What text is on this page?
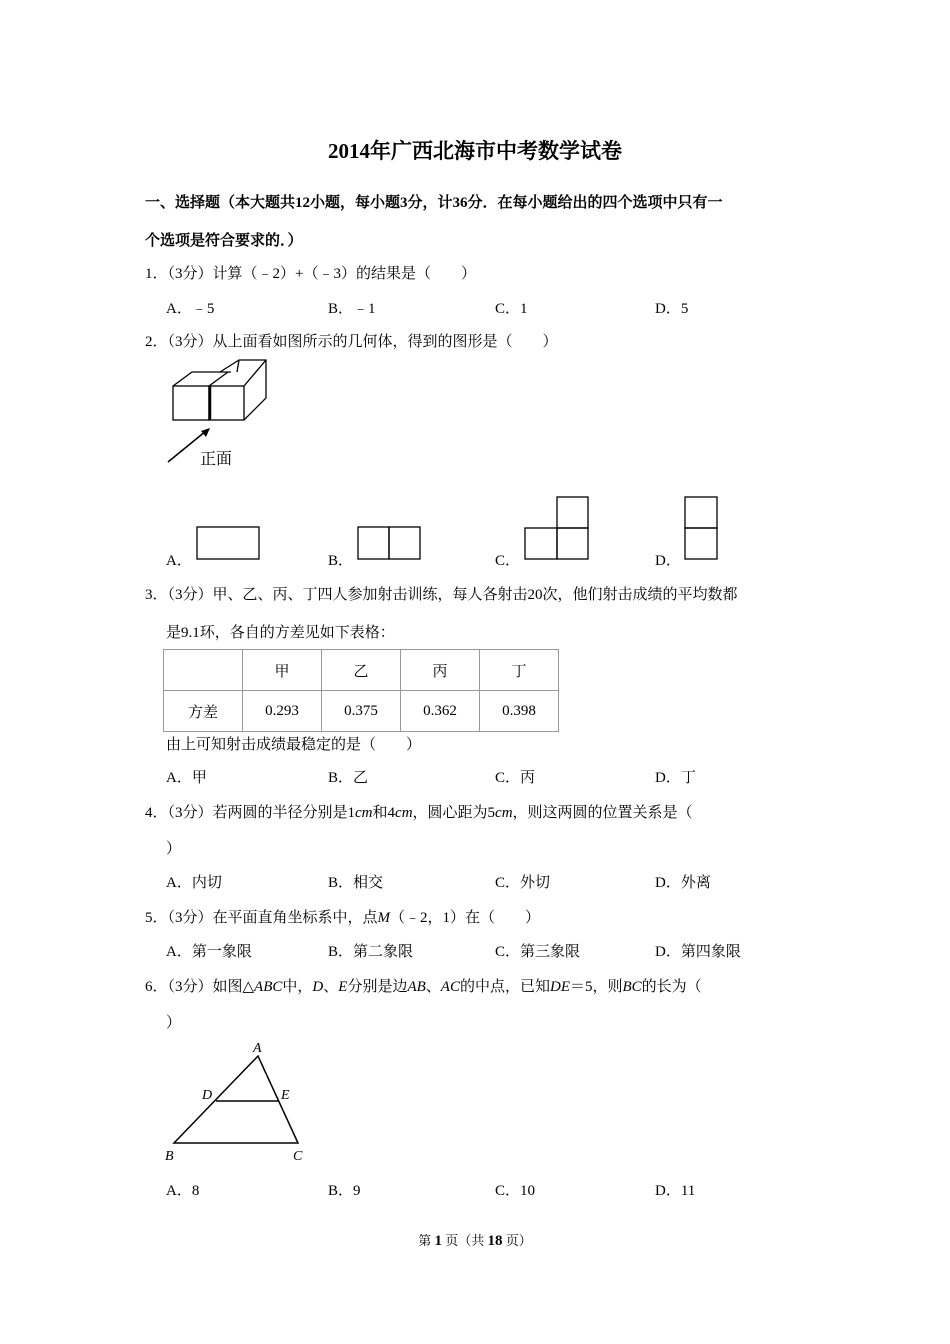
2014年广西北海市中考数学试卷
一、选择题（本大题共12小题，每小题3分，计36分．在每小题给出的四个选项中只有一
个选项是符合要求的．）
1．（3分）计算（﹣2）+（﹣3）的结果是（　　）
A．﹣5	B．﹣1	C．1	D．5
2．（3分）从上面看如图所示的几何体，得到的图形是（　　）
正面
A．	B．	C．	D．
3．（3分）甲、乙、丙、丁四人参加射击训练，每人各射击20次，他们射击成绩的平均数都
是9.1环，各自的方差见如下表格：
	甲	乙	丙	丁
方差	0.293	0.375	0.362	0.398
由上可知射击成绩最稳定的是（　　）
A．甲	B．乙	C．丙	D．丁
4．（3分）若两圆的半径分别是1cm和4cm，圆心距为5cm，则这两圆的位置关系是（
）
A．内切	B．相交	C．外切	D．外离
5．（3分）在平面直角坐标系中，点M（﹣2，1）在（　　）
A．第一象限	B．第二象限	C．第三象限	D．第四象限
6．（3分）如图△ABC中，D、E分别是边AB、AC的中点，已知DE＝5，则BC的长为（
）
A
B	C
D	E
A．8	B．9	C．10	D．11
第 1 页（共 18 页）
